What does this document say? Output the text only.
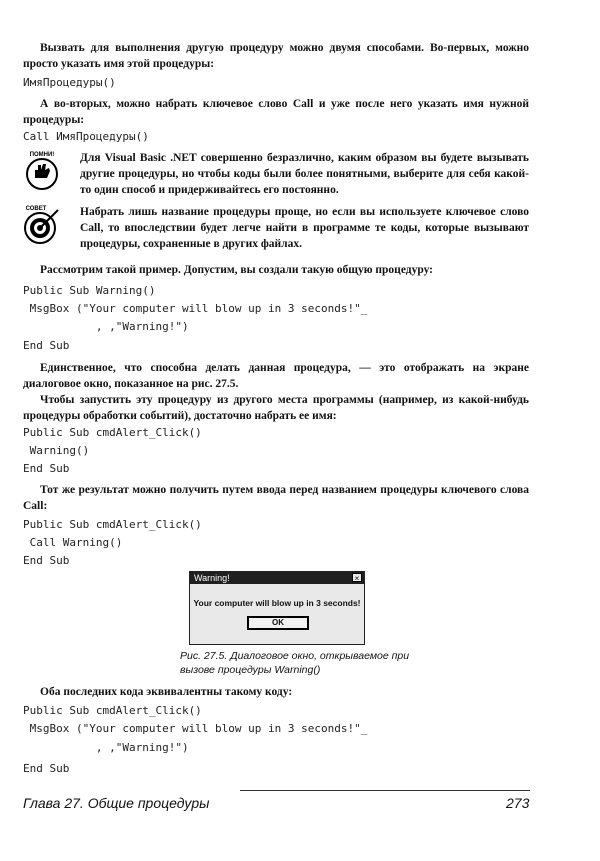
Вызвать для выполнения другую процедуру можно двумя способами. Во-первых, можно просто указать имя этой процедуры:
ИмяПроцедуры()
А во-вторых, можно набрать ключевое слово Call и уже после него указать имя нужной процедуры:
Call ИмяПроцедуры()
ПОМНИ! Для Visual Basic .NET совершенно безразлично, каким образом вы будете вызывать другие процедуры, но чтобы коды были более понятными, выберите для себя какой-то один способ и придерживайтесь его постоянно.
СОВЕТ	Набрать лишь название процедуры проще, но если вы используете ключевое слово Call, то впоследствии будет легче найти в программе те коды, которые вызывают процедуры, сохраненные в других файлах.
Рассмотрим такой пример. Допустим, вы создали такую общую процедуру:
Public Sub Warning()
MsgBox ("Your computer will blow up in 3 seconds!"_
, ,"Warning!")
End Sub
Единственное, что способна делать данная процедура, — это отображать на экране диалоговое окно, показанное на рис. 27.5.
Чтобы запустить эту процедуру из другого места программы (например, из какой-нибудь процедуры обработки событий), достаточно набрать ее имя:
Public Sub cmdAlert_Click()
Warning()
End Sub
Тот же результат можно получить путем ввода перед названием процедуры ключевого слова Call:
Public Sub cmdAlert_Click()
Call Warning()
End Sub
Warning!	×
Your computer will blow up in 3 seconds!
OK
Рис. 27.5. Диалоговое окно, открываемое при вызове процедуры Warning()
Оба последних кода эквивалентны такому коду:
Public Sub cmdAlert_Click()
MsgBox ("Your computer will blow up in 3 seconds!"_
, ,"Warning!")
End Sub
Глава 27. Общие процедуры	273
